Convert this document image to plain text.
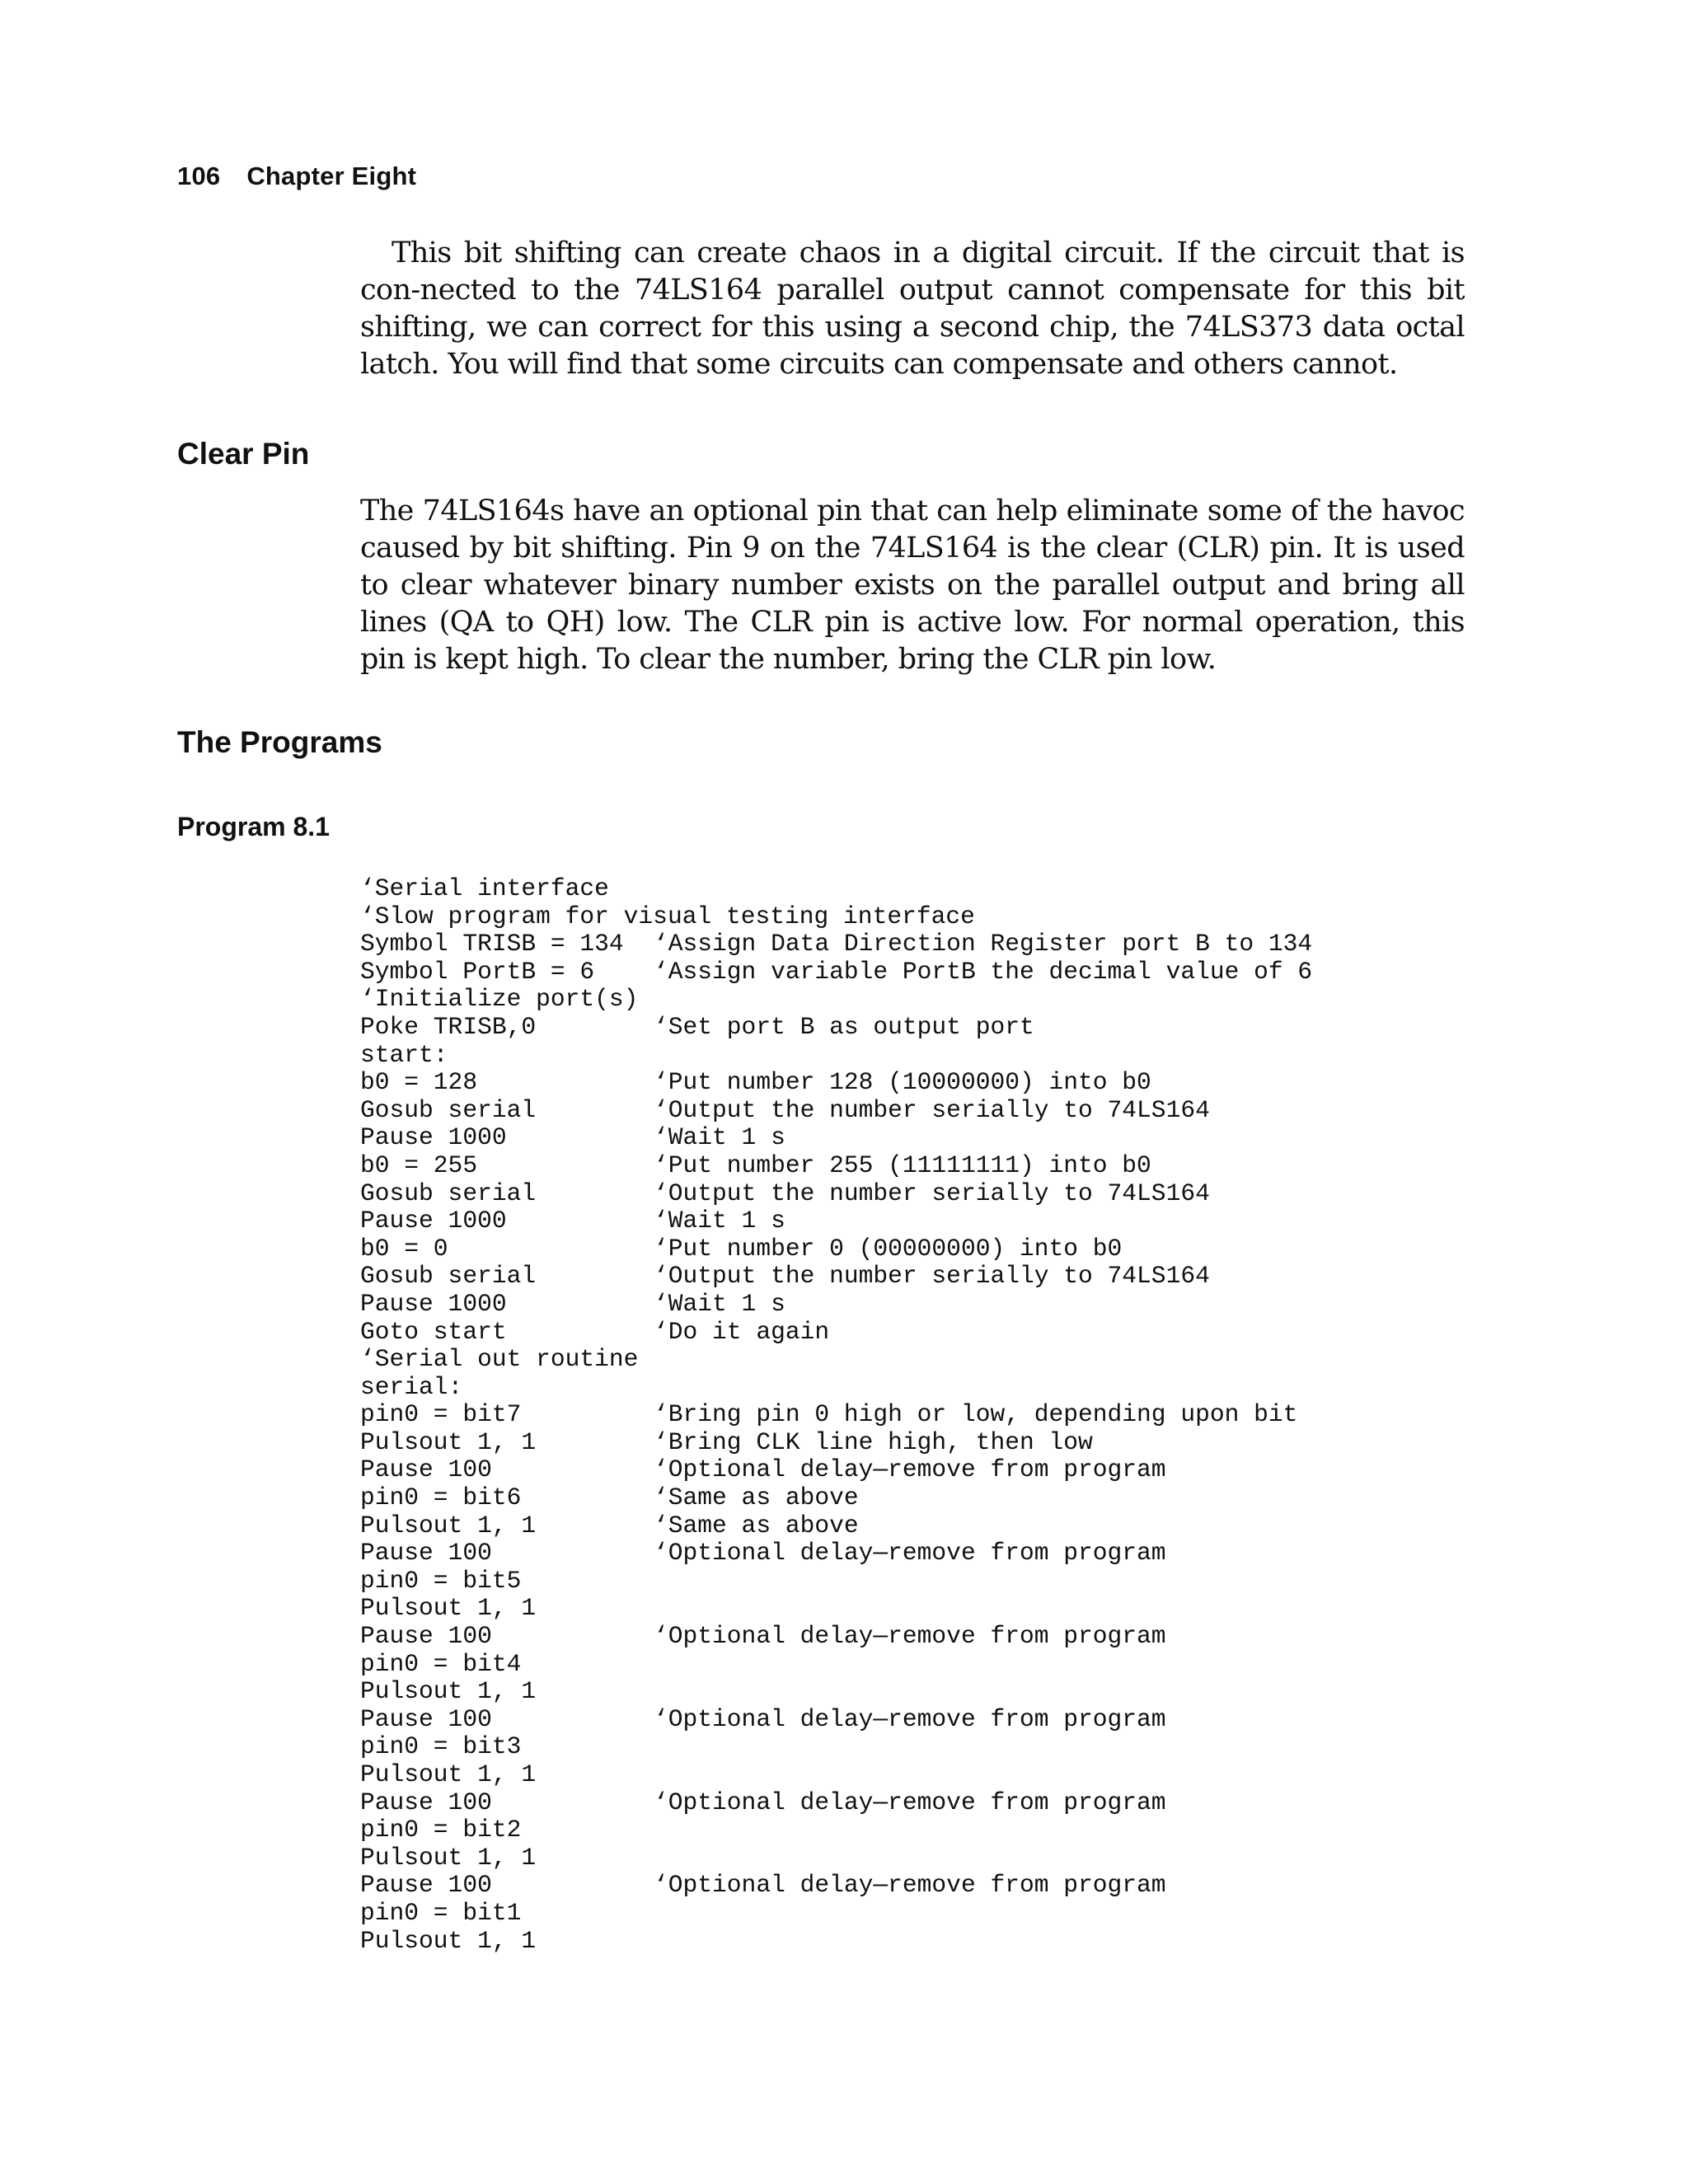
106 Chapter Eight

This bit shifting can create chaos in a digital circuit. If the circuit that is con-nected to the 74LS164 parallel output cannot compensate for this bit shifting, we can correct for this using a second chip, the 74LS373 data octal latch. You will find that some circuits can compensate and others cannot.

Clear Pin

The 74LS164s have an optional pin that can help eliminate some of the havoc caused by bit shifting. Pin 9 on the 74LS164 is the clear (CLR) pin. It is used to clear whatever binary number exists on the parallel output and bring all lines (QA to QH) low. The CLR pin is active low. For normal operation, this pin is kept high. To clear the number, bring the CLR pin low.

The Programs
Program 8.1
‘Serial interface
‘Slow program for visual testing interface
Symbol TRISB = 134 ‘Assign Data Direction Register port B to 134
Symbol PortB = 6 ‘Assign variable PortB the decimal value of 6
‘Initialize port(s)
Poke TRISB,0	‘Set port B as output port
start:
b0 = 128	‘Put number 128 (10000000) into b0
Gosub serial	‘Output the number serially to 74LS164
Pause 1000	‘Wait 1 s
b0 = 255	‘Put number 255 (11111111) into b0
Gosub serial	‘Output the number serially to 74LS164
Pause 1000	‘Wait 1 s
b0 = 0	‘Put number 0 (00000000) into b0
Gosub serial	‘Output the number serially to 74LS164
Pause 1000	‘Wait 1 s
Goto start	‘Do it again
‘Serial out routine
serial:
pin0 = bit7	‘Bring pin 0 high or low, depending upon bit
Pulsout 1, 1	‘Bring CLK line high, then low
Pause 100	‘Optional delay—remove from program
pin0 = bit6	‘Same as above
Pulsout 1, 1	‘Same as above
Pause 100	‘Optional delay—remove from program
pin0 = bit5
Pulsout 1, 1
Pause 100	‘Optional delay—remove from program
pin0 = bit4
Pulsout 1, 1
Pause 100	‘Optional delay—remove from program
pin0 = bit3
Pulsout 1, 1
Pause 100	‘Optional delay—remove from program
pin0 = bit2
Pulsout 1, 1
Pause 100	‘Optional delay—remove from program
pin0 = bit1
Pulsout 1, 1
